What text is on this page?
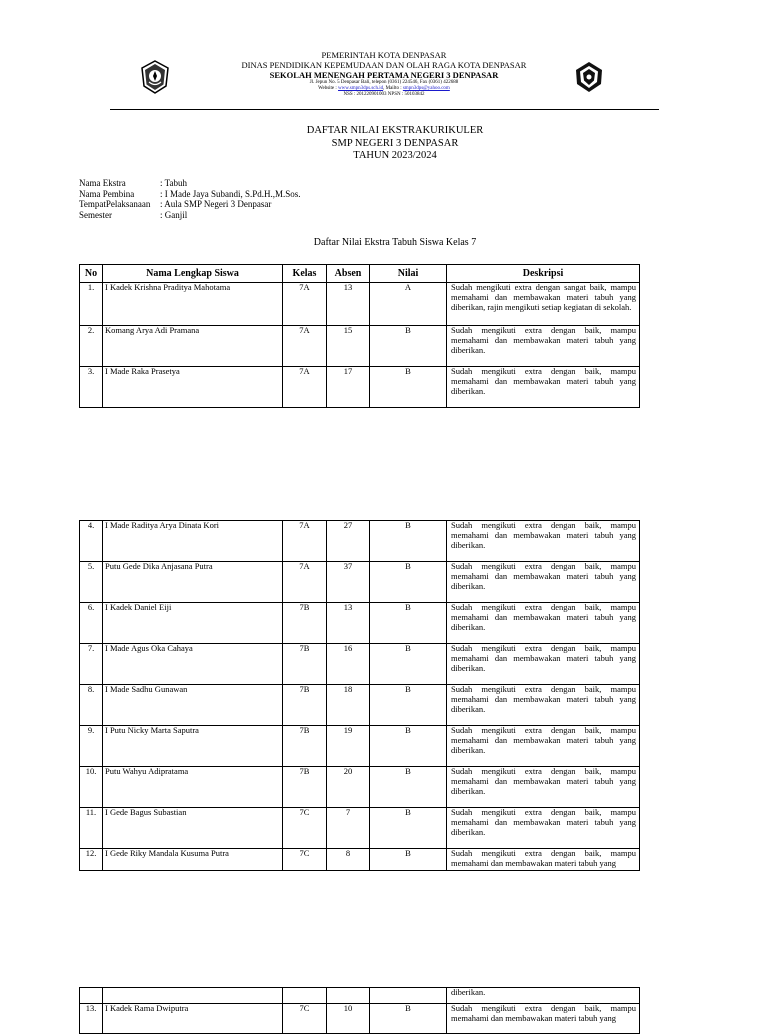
PEMERINTAH KOTA DENPASAR
DINAS PENDIDIKAN KEPEMUDAAN DAN OLAH RAGA KOTA DENPASAR
SEKOLAH MENENGAH PERTAMA NEGERI 3 DENPASAR
Jl. Jepun No. 5 Denpasar Bali, telepon (0361) 224546, Fax (0361) 422688
Website : www.smpn3dps.sch.id, Mailto : smpn3dps@yahoo.com
NSS : 201220901003 NPSN : 50103842
DAFTAR NILAI EKSTRAKURIKULER
SMP NEGERI 3 DENPASAR
TAHUN 2023/2024
Nama Ekstra	: Tabuh
Nama Pembina	: I Made Jaya Subandi, S.Pd.H.,M.Sos.
TempatPelaksanaan	: Aula SMP Negeri 3 Denpasar
Semester	: Ganjil
Daftar Nilai Ekstra Tabuh Siswa Kelas 7
No	Nama Lengkap Siswa	Kelas	Absen	Nilai	Deskripsi
1.	I Kadek Krishna Praditya Mahotama	7A	13	A	Sudah mengikuti extra dengan sangat baik, mampu memahami dan membawakan materi tabuh yang diberikan, rajin mengikuti setiap kegiatan di sekolah.
2.	Komang Arya Adi Pramana	7A	15	B	Sudah mengikuti extra dengan baik, mampu memahami dan membawakan materi tabuh yang diberikan.
3.	I Made Raka Prasetya	7A	17	B	Sudah mengikuti extra dengan baik, mampu memahami dan membawakan materi tabuh yang diberikan.
4.	I Made Raditya Arya Dinata Kori	7A	27	B	Sudah mengikuti extra dengan baik, mampu memahami dan membawakan materi tabuh yang diberikan.
5.	Putu Gede Dika Anjasana Putra	7A	37	B	Sudah mengikuti extra dengan baik, mampu memahami dan membawakan materi tabuh yang diberikan.
6.	I Kadek Daniel Eiji	7B	13	B	Sudah mengikuti extra dengan baik, mampu memahami dan membawakan materi tabuh yang diberikan.
7.	I Made Agus Oka Cahaya	7B	16	B	Sudah mengikuti extra dengan baik, mampu memahami dan membawakan materi tabuh yang diberikan.
8.	I Made Sadhu Gunawan	7B	18	B	Sudah mengikuti extra dengan baik, mampu memahami dan membawakan materi tabuh yang diberikan.
9.	I Putu Nicky Marta Saputra	7B	19	B	Sudah mengikuti extra dengan baik, mampu memahami dan membawakan materi tabuh yang diberikan.
10.	Putu Wahyu Adipratama	7B	20	B	Sudah mengikuti extra dengan baik, mampu memahami dan membawakan materi tabuh yang diberikan.
11.	I Gede Bagus Subastian	7C	7	B	Sudah mengikuti extra dengan baik, mampu memahami dan membawakan materi tabuh yang diberikan.
12.	I Gede Riky Mandala Kusuma Putra	7C	8	B	Sudah mengikuti extra dengan baik, mampu memahami dan membawakan materi tabuh yang
					diberikan.
13.	I Kadek Rama Dwiputra	7C	10	B	Sudah mengikuti extra dengan baik, mampu memahami dan membawakan materi tabuh yang
